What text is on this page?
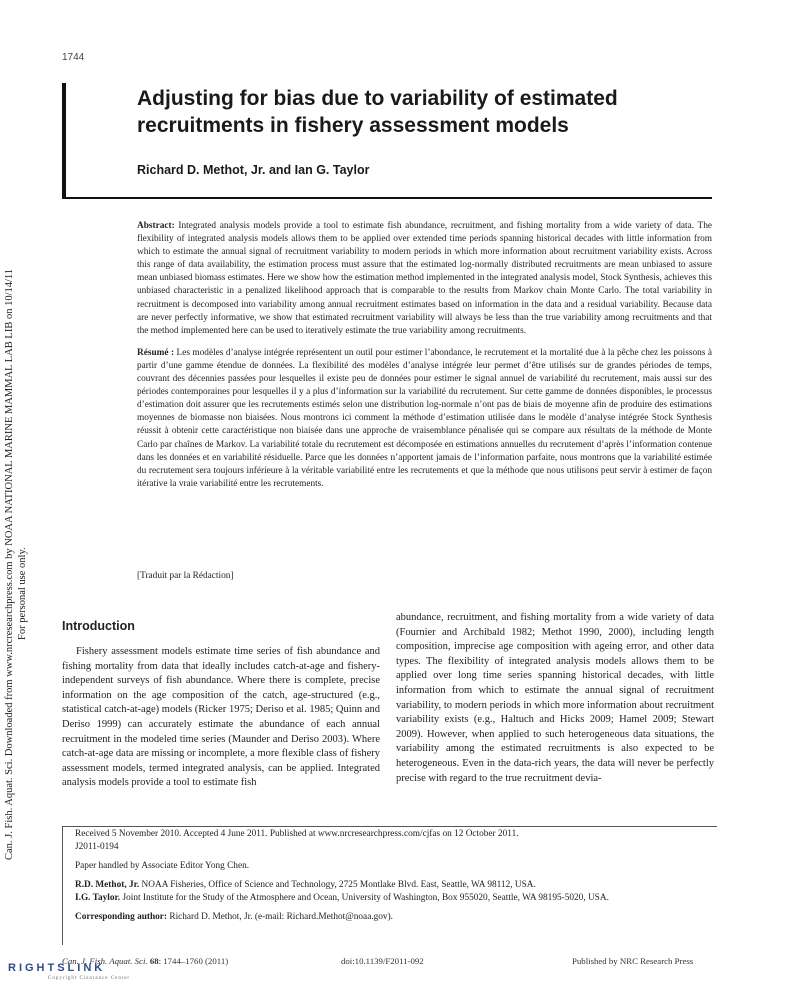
1744
Can. J. Fish. Aquat. Sci. Downloaded from www.nrcresearchpress.com by NOAA NATIONAL MARINE MAMMAL LAB LIB on 10/14/11 For personal use only.
Adjusting for bias due to variability of estimated recruitments in fishery assessment models
Richard D. Methot, Jr. and Ian G. Taylor

Abstract: Integrated analysis models provide a tool to estimate fish abundance, recruitment, and fishing mortality from a wide variety of data. The flexibility of integrated analysis models allows them to be applied over extended time periods spanning historical decades with little information from which to estimate the annual signal of recruitment variability to modern periods in which more information about recruitment variability exists. Across this range of data availability, the estimation process must assure that the estimated log-normally distributed recruitments are mean unbiased to assure mean unbiased biomass estimates. Here we show how the estimation method implemented in the integrated analysis model, Stock Synthesis, achieves this unbiased characteristic in a penalized likelihood approach that is comparable to the results from Markov chain Monte Carlo. The total variability in recruitment is decomposed into variability among annual recruitment estimates based on information in the data and a residual variability. Because data are never perfectly informative, we show that estimated recruitment variability will always be less than the true variability among recruitments and that the method implemented here can be used to iteratively estimate the true variability among recruitments.

Résumé : Les modèles d’analyse intégrée représentent un outil pour estimer l’abondance, le recrutement et la mortalité due à la pêche chez les poissons à partir d’une gamme étendue de données. La flexibilité des modèles d’analyse intégrée leur permet d’être utilisés sur de grandes périodes de temps, couvrant des décennies passées pour lesquelles il existe peu de données pour estimer le signal annuel de variabilité du recrutement, mais aussi sur des périodes contemporaines pour lesquelles il y a plus d’information sur la variabilité du recrutement. Sur cette gamme de données disponibles, le processus d’estimation doit assurer que les recrutements estimés selon une distribution log-normale n’ont pas de biais de moyenne afin de produire des estimations moyennes de biomasse non biaisées. Nous montrons ici comment la méthode d’estimation utilisée dans le modèle d’analyse intégrée Stock Synthesis réussit à obtenir cette caractéristique non biaisée dans une approche de vraisemblance pénalisée qui se compare aux résultats de la méthode de Monte Carlo par chaînes de Markov. La variabilité totale du recrutement est décomposée en estimations annuelles du recrutement d’après l’information contenue dans les données et en variabilité résiduelle. Parce que les données n’apportent jamais de l’information parfaite, nous montrons que la variabilité estimée du recrutement sera toujours inférieure à la véritable variabilité entre les recrutements et que la méthode que nous utilisons peut servir à estimer de façon itérative la vraie variabilité entre les recrutements.

[Traduit par la Rédaction]
Introduction
Fishery assessment models estimate time series of fish abundance and fishing mortality from data that ideally includes catch-at-age and fishery-independent surveys of fish abundance. Where there is complete, precise information on the age composition of the catch, age-structured (e.g., statistical catch-at-age) models (Ricker 1975; Deriso et al. 1985; Quinn and Deriso 1999) can accurately estimate the abundance of each annual recruitment in the modeled time series (Maunder and Deriso 2003). Where catch-at-age data are missing or incomplete, a more flexible class of fishery assessment models, termed integrated analysis, can be applied. Integrated analysis models provide a tool to estimate fish
abundance, recruitment, and fishing mortality from a wide variety of data (Fournier and Archibald 1982; Methot 1990, 2000), including length composition, imprecise age composition with ageing error, and other data types. The flexibility of integrated analysis models allows them to be applied over long time series spanning historical decades, with little information from which to estimate the annual signal of recruitment variability, to modern periods in which more information about recruitment variability exists (e.g., Haltuch and Hicks 2009; Hamel 2009; Stewart 2009). However, when applied to such heterogeneous data situations, the variability among the estimated recruitments is also expected to be heterogeneous. Even in the data-rich years, the data will never be perfectly precise with regard to the true recruitment devia-
Received 5 November 2010. Accepted 4 June 2011. Published at www.nrcresearchpress.com/cjfas on 12 October 2011.
J2011-0194
Paper handled by Associate Editor Yong Chen.
R.D. Methot, Jr. NOAA Fisheries, Office of Science and Technology, 2725 Montlake Blvd. East, Seattle, WA 98112, USA.
I.G. Taylor. Joint Institute for the Study of the Atmosphere and Ocean, University of Washington, Box 955020, Seattle, WA 98195-5020, USA.
Corresponding author: Richard D. Methot, Jr. (e-mail: Richard.Methot@noaa.gov).
Can. J. Fish. Aquat. Sci. 68: 1744–1760 (2011)	doi:10.1139/F2011-092	Published by NRC Research Press
RIGHTSLINK
Copyright Clearance Center
